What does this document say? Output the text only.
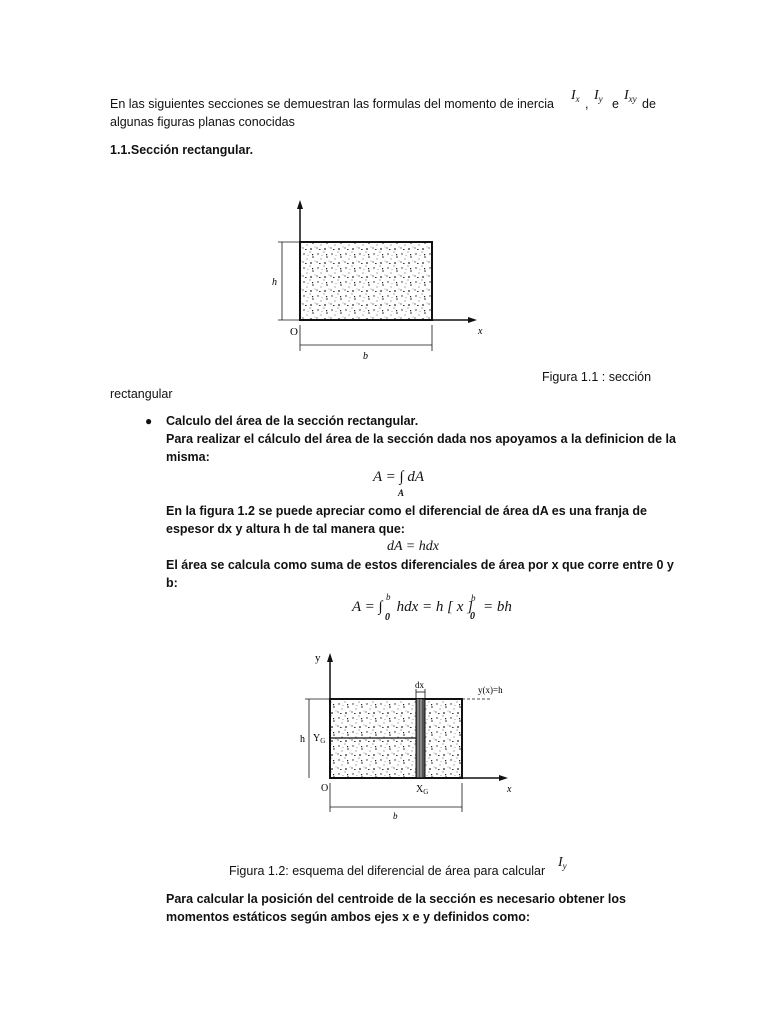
En las siguientes secciones se demuestran las formulas del momento de inercia
$I_x$ ,
$I_y$ e
$I_{xy}$ de
algunas figuras planas conocidas
1.1.Sección rectangular.
h
O	x
b
Figura 1.1 : sección
rectangular
● Calculo del área de la sección rectangular.
Para realizar el cálculo del área de la sección dada nos apoyamos a la definicion de la
misma:
A = ∫ dA
A
En la figura 1.2 se puede apreciar como el diferencial de área dA es una franja de
espesor dx y altura h de tal manera que:
dA = hdx
El área se calcula como suma de estos diferenciales de área por x que corre entre 0 y
b:
A = ∫ hdx = h [ x ] = bh
b
0
b
0
y
dx	y(x)=h
h $Y_G$
O	$X_G$	x
b
Figura 1.2: esquema del diferencial de área para calcular
$I_y$
Para calcular la posición del centroide de la sección es necesario obtener los
momentos estáticos según ambos ejes x e y definidos como:
